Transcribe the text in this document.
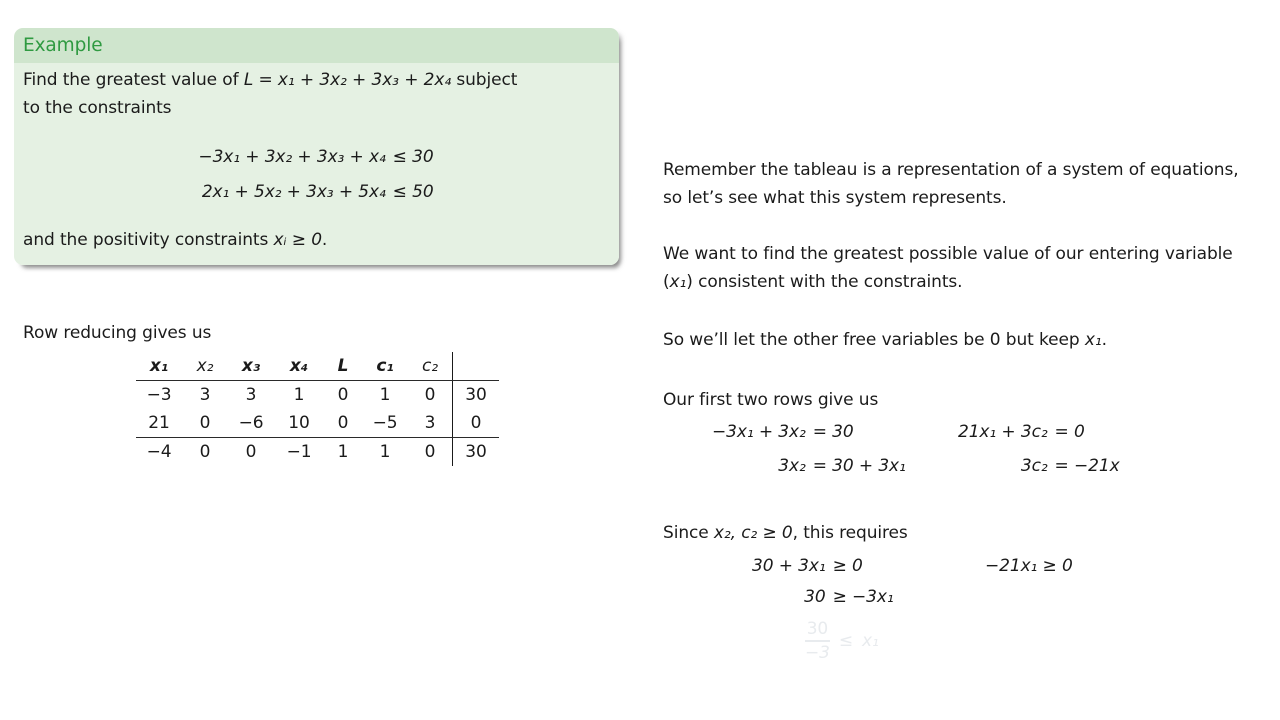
Example
Find the greatest value of L = x₁ + 3x₂ + 3x₃ + 2x₄ subject
to the constraints
−3x₁ + 3x₂ + 3x₃ + x₄ ≤ 30
2x₁ + 5x₂ + 3x₃ + 5x₄ ≤ 50
and the positivity constraints xᵢ ≥ 0.

Row reducing gives us

x₁	x₂	x₃	x₄	L	c₁	c₂
−3	3	3	1	0	1	0	30
21	0	−6	10	0	−5	3	0
−4	0	0	−1	1	1	0	30

Remember the tableau is a representation of a system of equations, so let’s see what this system represents.

We want to find the greatest possible value of our entering variable (x₁) consistent with the constraints.

So we’ll let the other free variables be 0 but keep x₁.

Our first two rows give us

−3x₁ + 3x₂ = 30
3x₂ = 30 + 3x₁
21x₁ + 3c₂ = 0
3c₂ = −21x

Since x₂, c₂ ≥ 0, this requires

30 + 3x₁ ≥ 0
30 ≥ −3x₁
−21x₁ ≥ 0
$\frac{30}{-3} \le x_1$
